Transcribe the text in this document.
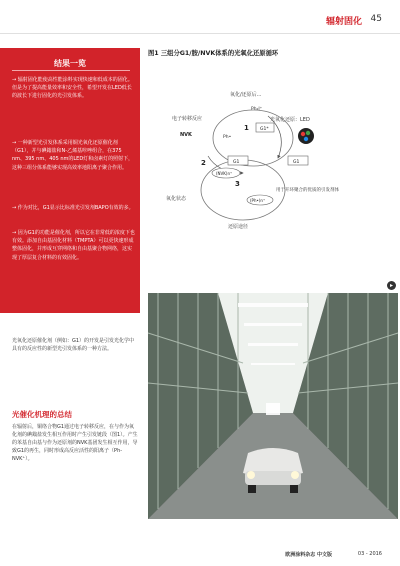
辐射固化 45
图1 三组分G1/胺/NVK体系的光氧化还原循环
结果一览
→ 辐射固化能使高性能涂料实现快速和低成本的固化。但是为了提高能量效率和安全性，希望开发在LED低长的波长下进行固化的光引发体系。
→ 一种新型光引发体系采用铜光氧化还原催化剂（G1），并与碘鎓盐和N-乙烯基咔唑组合，在375 nm、395 nm、405 nm的LED灯和卤素灯的照射下，这种三组分体系能够实现高效率地阳离子聚合作用。
→ 作为对比，G1显示比标准光引发剂BAPO有效的多。
→ 因为G1的功能是催化剂，所以它在非常低的浓度下也有效。添加自由基固化材料（TMPTA）可以更快速形成整体固化，并形成互穿网络和自由基聚合物网络，这实现了厚层复合材料的有效固化。
氧化/还原后...
电子转移反应
Ph₂I⁺
光氧化还原：LED
NVK	Ph•
1 G1*
2	G1	G1
(NVK)n⁺
3
(Ph•)n⁺
氧化状态
用于开环聚合的优质的引发剂体
还原途径
▸
光氧化还原催化剂（例如：G1）的开发是引发光化学中具有的反应性的新型光引发体系的一种方法。
光催化机理的总结
在辐射后，铜络合物G1通过电子转移反应，在与作为氧化剂的碘鎓盐发生相互作用时产生引发链段（图1）。产生的苯基自由基与作为还原剂的NVK基团发生相互作用，导致G1的再生，同时形成高反应活性的阳离子（Ph-NVK⁺）。
欧洲涂料杂志 中文版	03 - 2016
